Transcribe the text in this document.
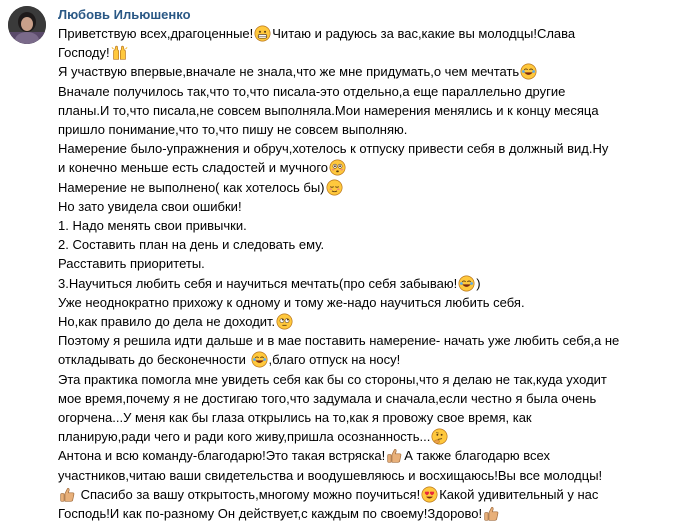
Любовь Ильюшенко
Приветствую всех,драгоценные! Читаю и радуюсь за вас,какие вы молодцы!Слава
Господу!
Я участвую впервые,вначале не знала,что же мне придумать,о чем мечтать
Вначале получилось так,что то,что писала-это отдельно,а еще параллельно другие
планы.И то,что писала,не совсем выполняла.Мои намерения менялись и к концу месяца
пришло понимание,что то,что пишу не совсем выполняю.
Намерение было-упражнения и обруч,хотелось к отпуску привести себя в должный вид.Ну
и конечно меньше есть сладостей и мучного
Намерение не выполнено( как хотелось бы)
Но зато увидела свои ошибки!
1. Надо менять свои привычки.
2. Составить план на день и следовать ему.
Расставить приоритеты.
3.Научиться любить себя и научиться мечтать(про себя забываю! )
Уже неоднократно прихожу к одному и тому же-надо научиться любить себя.
Но,как правило до дела не доходит.
Поэтому я решила идти дальше и в мае поставить намерение- начать уже любить себя,а не
откладывать до бесконечности
,благо отпуск на носу!
Эта практика помогла мне увидеть себя как бы со стороны,что я делаю не так,куда уходит
мое время,почему я не достигаю того,что задумала и сначала,если честно я была очень
огорчена...У меня как бы глаза открылись на то,как я провожу свое время, как
планирую,ради чего и ради кого живу,пришла осознанность...
Антона и всю команду-благодарю!Это такая встряска! А также благодарю всех
участников,читаю ваши свидетельства и воодушевляюсь и восхищаюсь!Вы все молодцы!
Спасибо за вашу открытость,многому можно поучиться! Какой удивительный у нас
Господь!И как по-разному Он действует,с каждым по своему!Здорово!
